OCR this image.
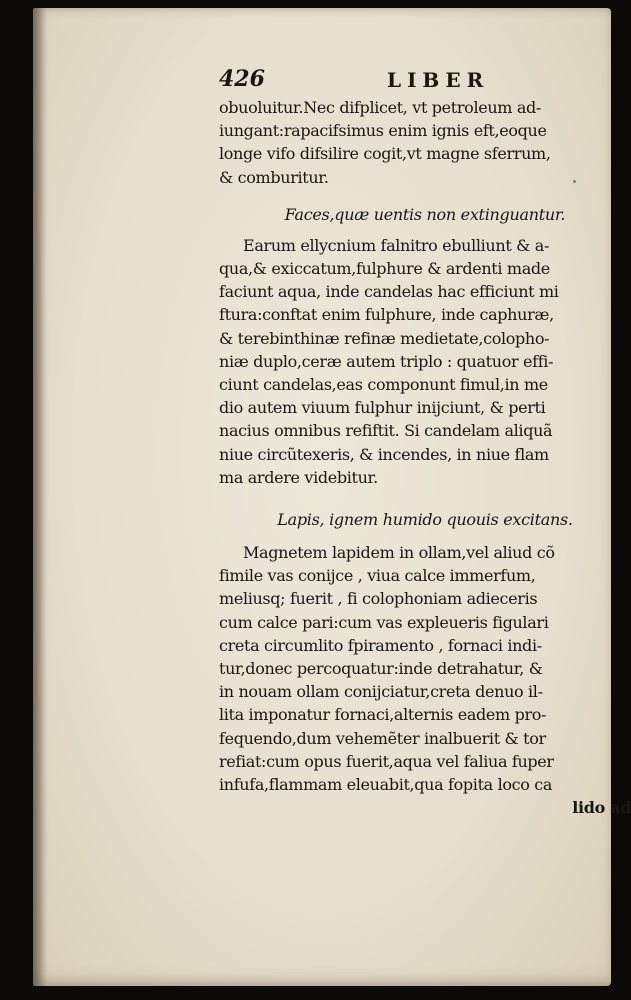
426	LIBER
obuoluitur.Nec difplicet, vt petroleum ad-
iungant:rapacifsimus enim ignis eft,eoque
longe vifo difsilire cogit,vt magne sferrum,
& comburitur.
Faces,quæ uentis non extinguantur.
Earum ellycnium falnitro ebulliunt & a-
qua,& exiccatum,fulphure & ardenti made
faciunt aqua, inde candelas hac efficiunt mi
ftura:conftat enim fulphure, inde caphuræ,
& terebinthinæ refinæ medietate,colopho-
niæ duplo,ceræ autem triplo : quatuor effi-
ciunt candelas,eas componunt fimul,in me
dio autem viuum fulphur inijciunt, & perti
nacius omnibus refiftit. Si candelam aliquã
niue circũtexeris, & incendes, in niue flam
ma ardere videbitur.
Lapis, ignem humido quouis excitans.
Magnetem lapidem in ollam,vel aliud cõ
fimile vas conijce , viua calce immerfum,
meliusq; fuerit , fi colophoniam adieceris
cum calce pari:cum vas expleueris figulari
creta circumlito fpiramento , fornaci indi-
tur,donec percoquatur:inde detrahatur, &
in nouam ollam conijciatur,creta denuo il-
lita imponatur fornaci,alternis eadem pro-
fequendo,dum vehemẽter inalbuerit & tor
refiat:cum opus fuerit,aqua vel faliua fuper
infufa,flammam eleuabit,qua fopita loco ca
lido ad
